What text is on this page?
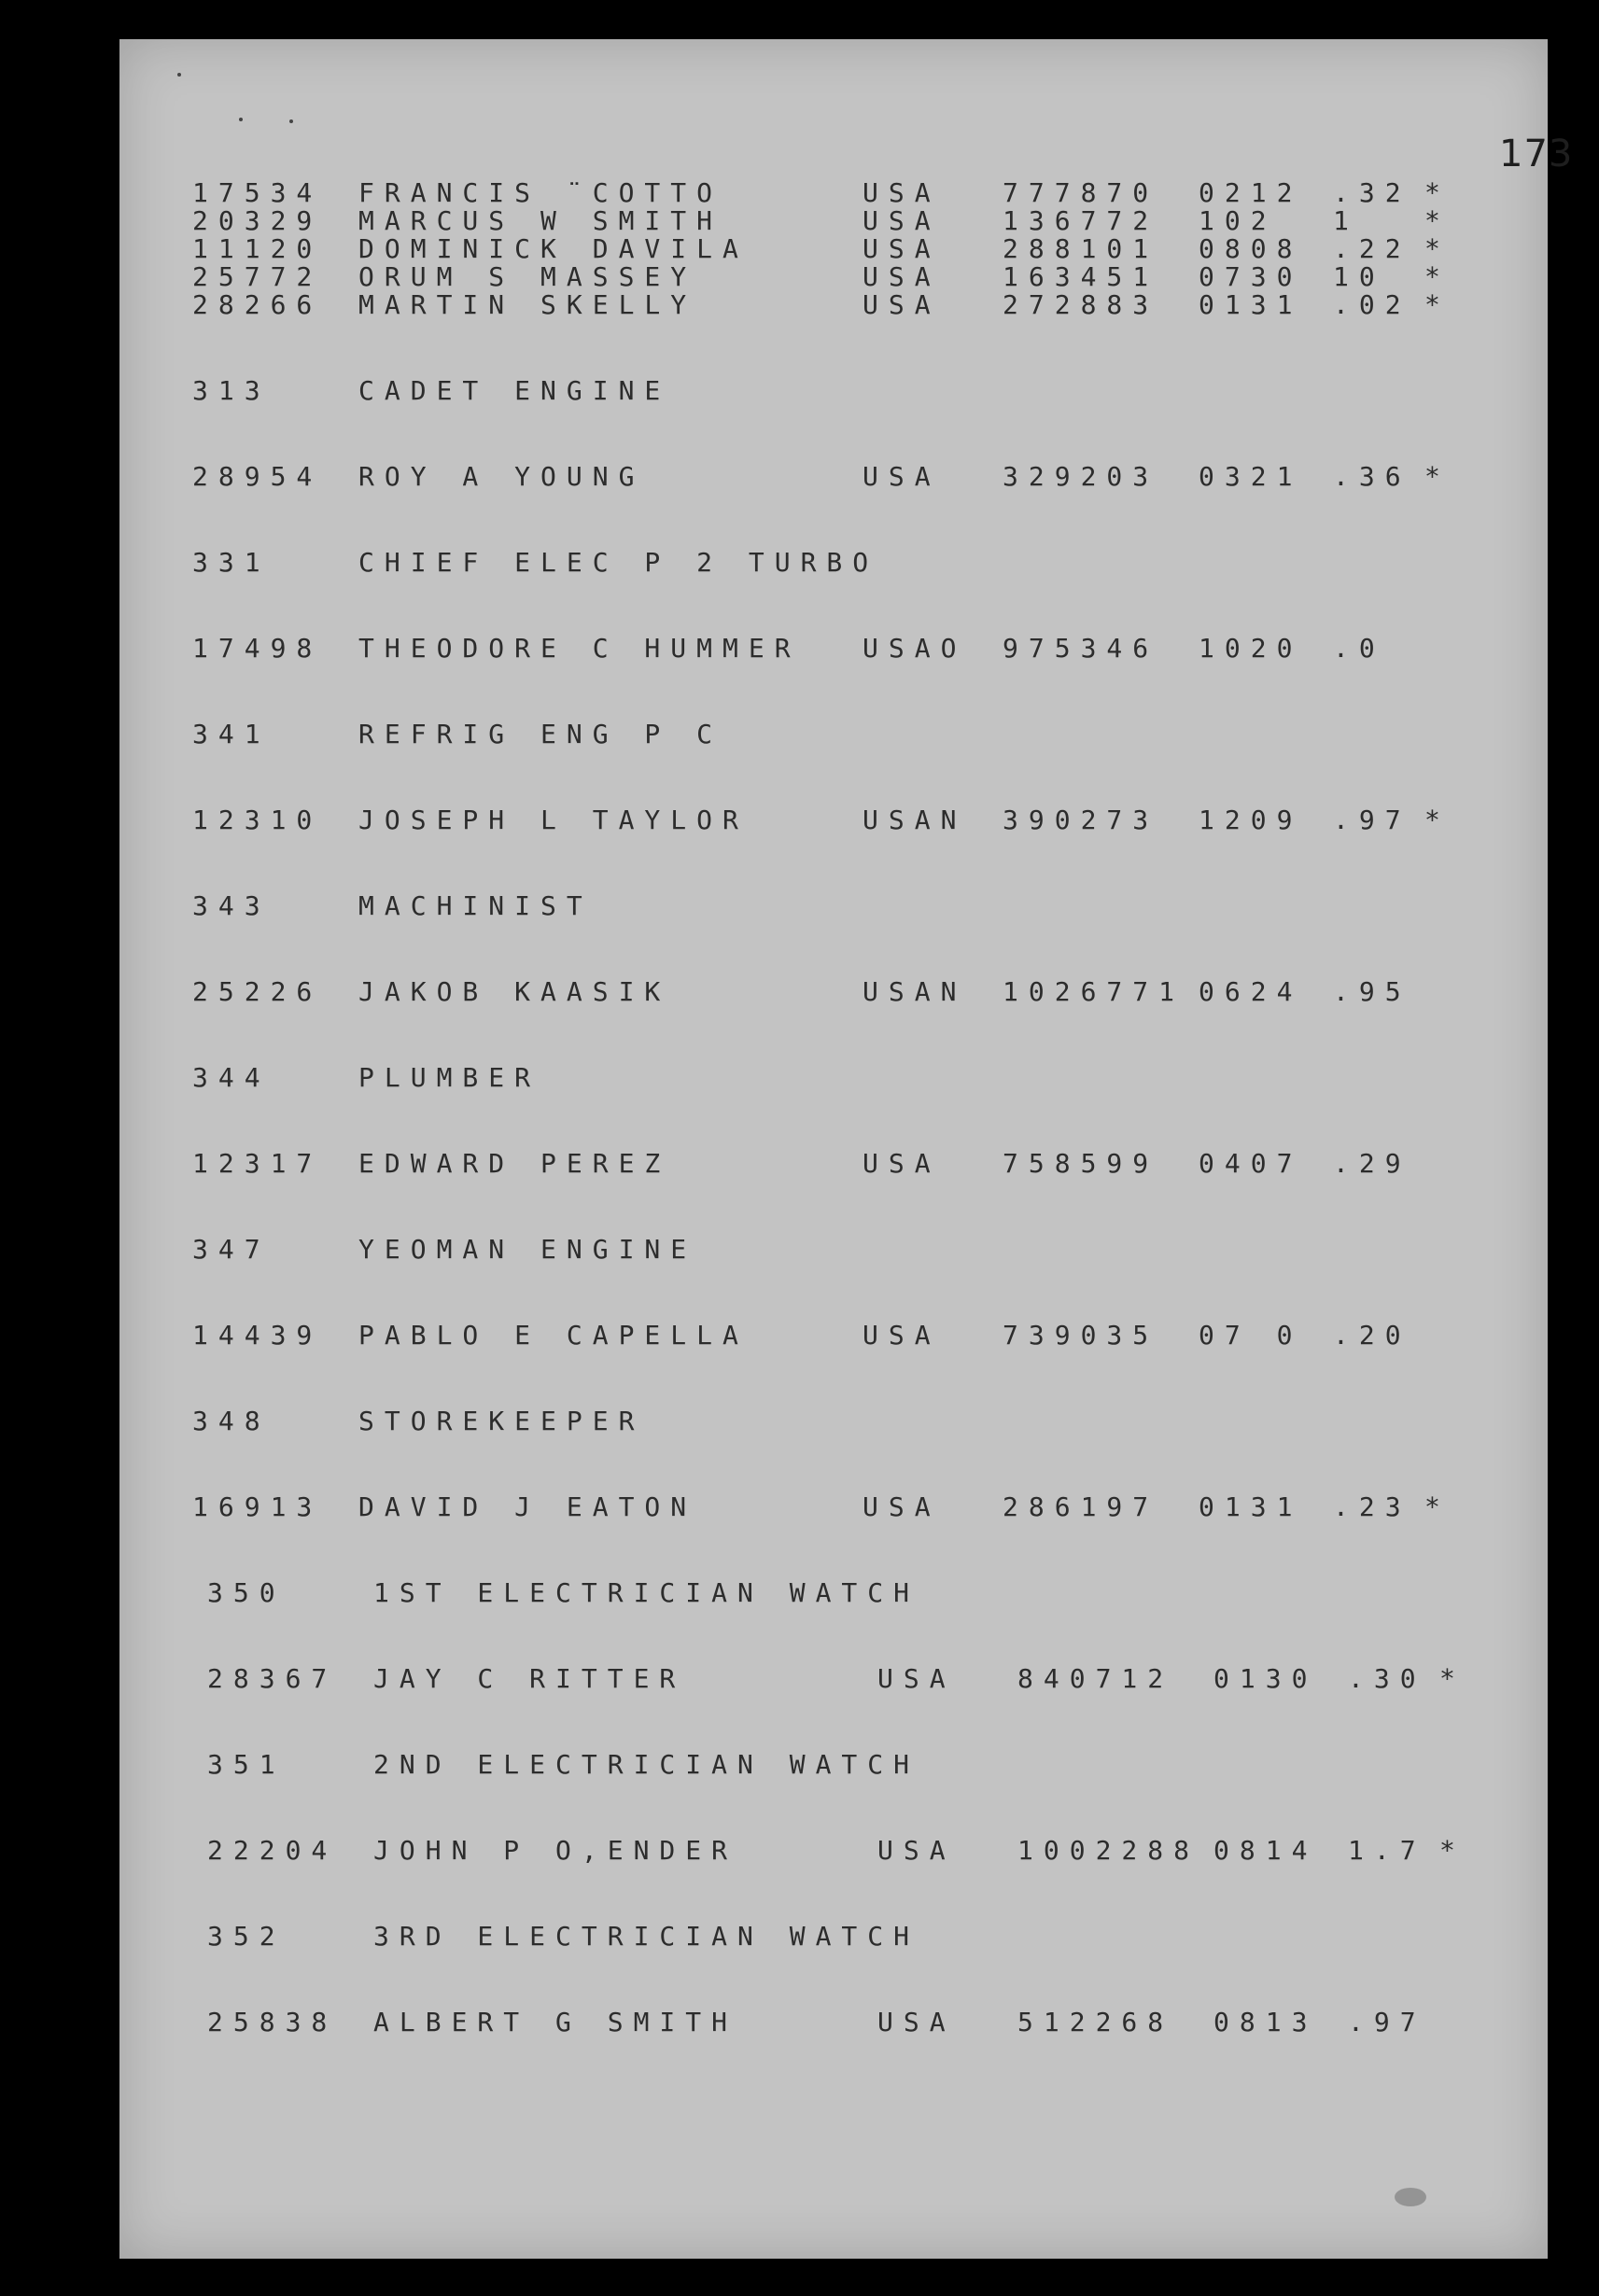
173
17534 FRANCIS ¨COTTO	USA 777870 0212 .32 *
20329 MARCUS W SMITH	USA 136772 102 1	*
11120 DOMINICK DAVILA	USA 288101 0808 .22 *
25772 ORUM S MASSEY	USA 163451 0730 10 *
28266 MARTIN SKELLY	USA 272883 0131 .02 *
313	CADET ENGINE
28954 ROY A YOUNG	USA 329203 0321 .36 *
331	CHIEF ELEC P 2 TURBO
17498 THEODORE C HUMMER USAO 975346 1020 .0
341	REFRIG ENG P C
12310 JOSEPH L TAYLOR	USAN 390273 1209 .97 *
343	MACHINIST
25226 JAKOB KAASIK	USAN 1026771 0624 .95
344	PLUMBER
12317 EDWARD PEREZ	USA 758599 0407 .29
347	YEOMAN ENGINE
14439 PABLO E CAPELLA	USA 739035 07 0 .20
348	STOREKEEPER
16913 DAVID J EATON	USA 286197 0131 .23 *
350	1ST ELECTRICIAN WATCH
28367 JAY C RITTER	USA 840712 0130 .30 *
351	2ND ELECTRICIAN WATCH
22204 JOHN P O,ENDER	USA 1002288 0814 1.7 *
352	3RD ELECTRICIAN WATCH
25838 ALBERT G SMITH	USA 512268 0813 .97
